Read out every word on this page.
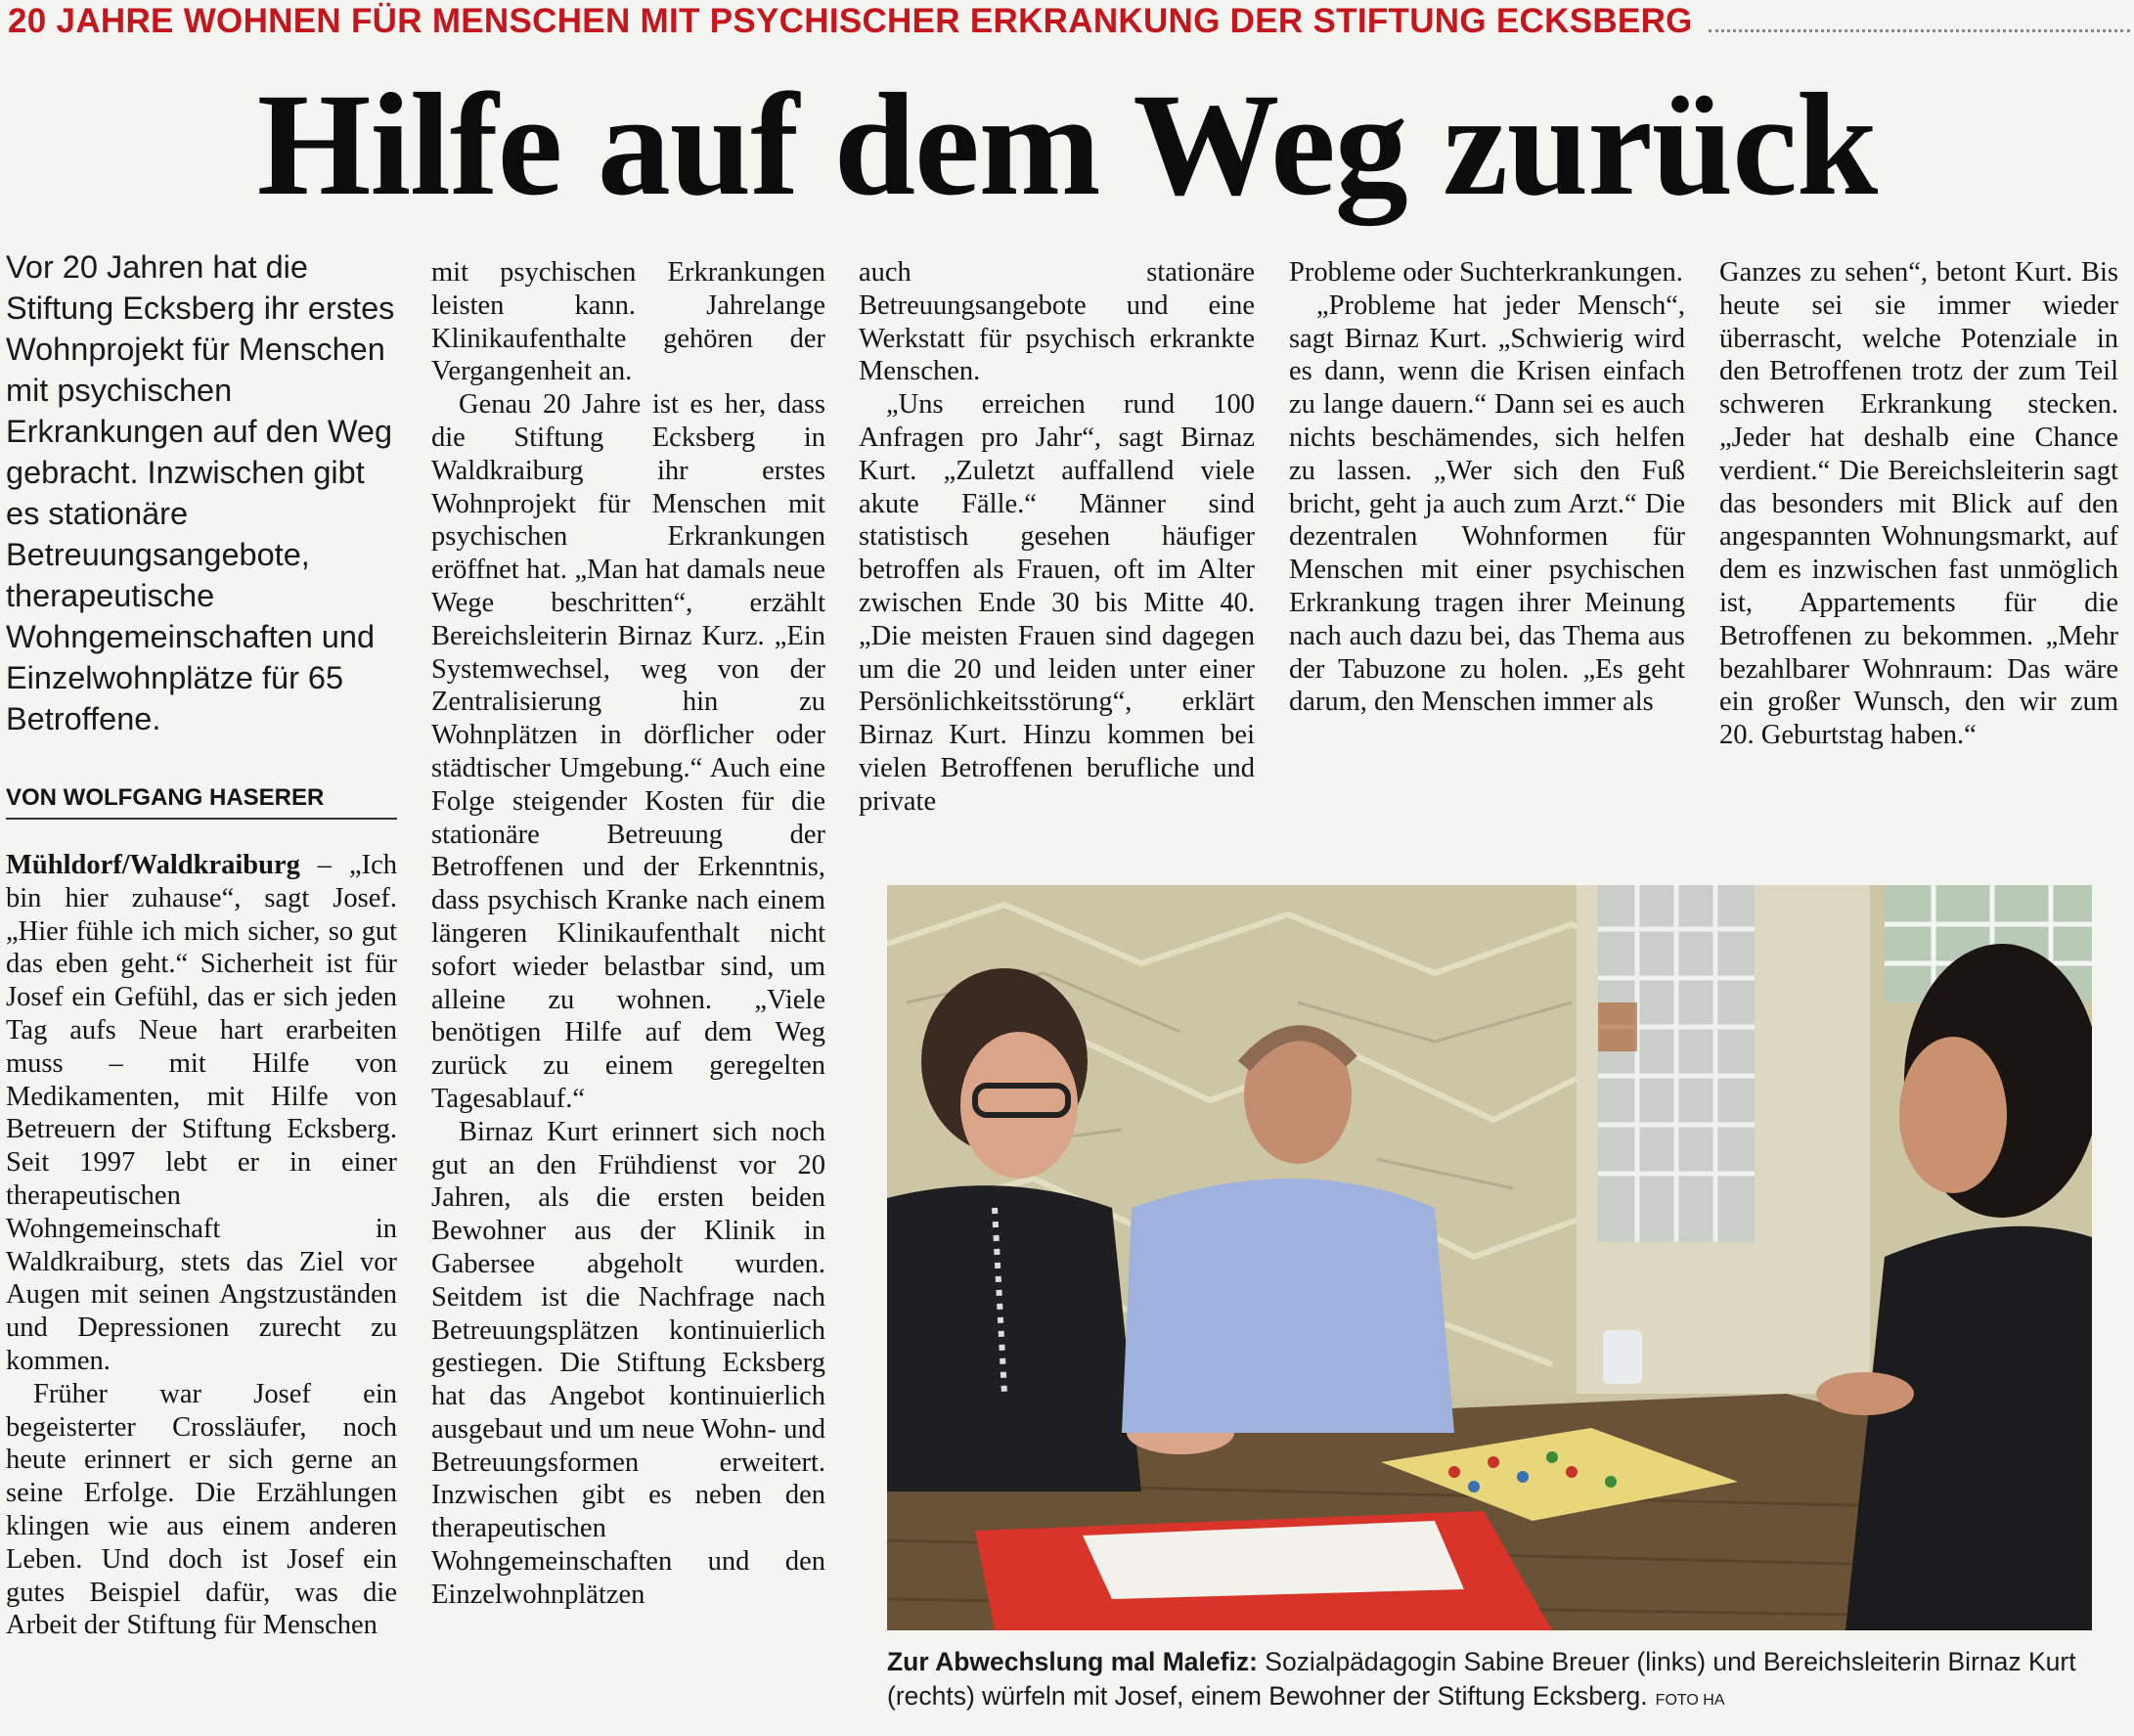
20 JAHRE WOHNEN FÜR MENSCHEN MIT PSYCHISCHER ERKRANKUNG DER STIFTUNG ECKSBERG
Hilfe auf dem Weg zurück
Vor 20 Jahren hat die Stiftung Ecksberg ihr erstes Wohnprojekt für Menschen mit psychischen Erkrankungen auf den Weg gebracht. Inzwischen gibt es stationäre Betreuungsangebote, therapeutische Wohngemeinschaften und Einzelwohnplätze für 65 Betroffene.
VON WOLFGANG HASERER

Mühldorf/Waldkraiburg – „Ich bin hier zuhause“, sagt Josef. „Hier fühle ich mich sicher, so gut das eben geht.“ Sicherheit ist für Josef ein Gefühl, das er sich jeden Tag aufs Neue hart erarbeiten muss – mit Hilfe von Medikamenten, mit Hilfe von Betreuern der Stiftung Ecksberg. Seit 1997 lebt er in einer therapeutischen Wohngemeinschaft in Waldkraiburg, stets das Ziel vor Augen mit seinen Angstzuständen und Depressionen zurecht zu kommen.

Früher war Josef ein begeisterter Crossläufer, noch heute erinnert er sich gerne an seine Erfolge. Die Erzählungen klingen wie aus einem anderen Leben. Und doch ist Josef ein gutes Beispiel dafür, was die Arbeit der Stiftung für Menschen

mit psychischen Erkrankungen leisten kann. Jahrelange Klinikaufenthalte gehören der Vergangenheit an.

Genau 20 Jahre ist es her, dass die Stiftung Ecksberg in Waldkraiburg ihr erstes Wohnprojekt für Menschen mit psychischen Erkrankungen eröffnet hat. „Man hat damals neue Wege beschritten“, erzählt Bereichsleiterin Birnaz Kurz. „Ein Systemwechsel, weg von der Zentralisierung hin zu Wohnplätzen in dörflicher oder städtischer Umgebung.“ Auch eine Folge steigender Kosten für die stationäre Betreuung der Betroffenen und der Erkenntnis, dass psychisch Kranke nach einem längeren Klinikaufenthalt nicht sofort wieder belastbar sind, um alleine zu wohnen. „Viele benötigen Hilfe auf dem Weg zurück zu einem geregelten Tagesablauf.“

Birnaz Kurt erinnert sich noch gut an den Frühdienst vor 20 Jahren, als die ersten beiden Bewohner aus der Klinik in Gabersee abgeholt wurden. Seitdem ist die Nachfrage nach Betreuungsplätzen kontinuierlich gestiegen. Die Stiftung Ecksberg hat das Angebot kontinuierlich ausgebaut und um neue Wohn- und Betreuungsformen erweitert. Inzwischen gibt es neben den therapeutischen Wohngemeinschaften und den Einzelwohnplätzen

auch stationäre Betreuungsangebote und eine Werkstatt für psychisch erkrankte Menschen.

„Uns erreichen rund 100 Anfragen pro Jahr“, sagt Birnaz Kurt. „Zuletzt auffallend viele akute Fälle.“ Männer sind statistisch gesehen häufiger betroffen als Frauen, oft im Alter zwischen Ende 30 bis Mitte 40. „Die meisten Frauen sind dagegen um die 20 und leiden unter einer Persönlichkeitsstörung“, erklärt Birnaz Kurt. Hinzu kommen bei vielen Betroffenen berufliche und private

Probleme oder Suchterkrankungen.

„Probleme hat jeder Mensch“, sagt Birnaz Kurt. „Schwierig wird es dann, wenn die Krisen einfach zu lange dauern.“ Dann sei es auch nichts beschämendes, sich helfen zu lassen. „Wer sich den Fuß bricht, geht ja auch zum Arzt.“ Die dezentralen Wohnformen für Menschen mit einer psychischen Erkrankung tragen ihrer Meinung nach auch dazu bei, das Thema aus der Tabuzone zu holen. „Es geht darum, den Menschen immer als

Ganzes zu sehen“, betont Kurt. Bis heute sei sie immer wieder überrascht, welche Potenziale in den Betroffenen trotz der zum Teil schweren Erkrankung stecken. „Jeder hat deshalb eine Chance verdient.“ Die Bereichsleiterin sagt das besonders mit Blick auf den angespannten Wohnungsmarkt, auf dem es inzwischen fast unmöglich ist, Appartements für die Betroffenen zu bekommen. „Mehr bezahlbarer Wohnraum: Das wäre ein großer Wunsch, den wir zum 20. Geburtstag haben.“

Zur Abwechslung mal Malefiz: Sozialpädagogin Sabine Breuer (links) und Bereichsleiterin Birnaz Kurt (rechts) würfeln mit Josef, einem Bewohner der Stiftung Ecksberg. FOTO HA
